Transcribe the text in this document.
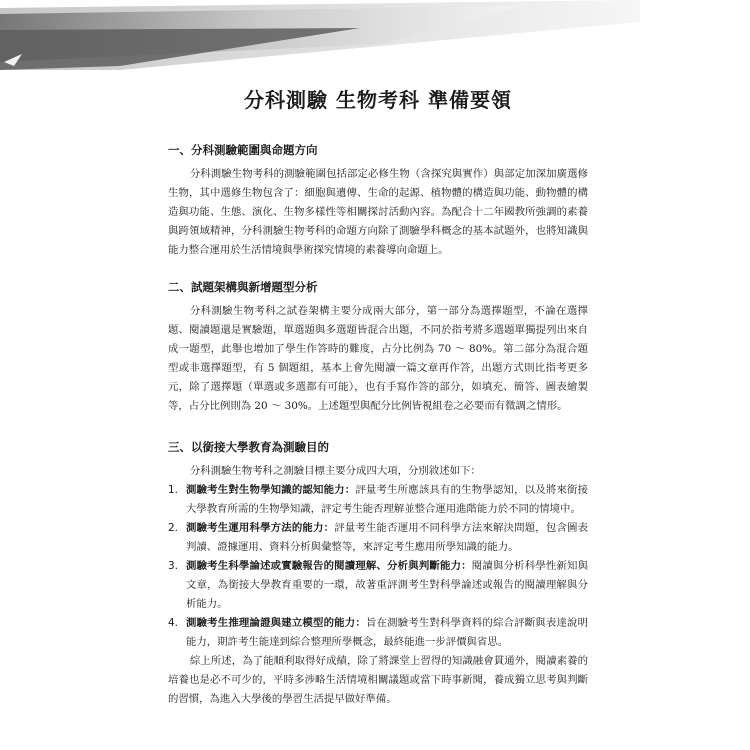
分科測驗 生物考科 準備要領
一、分科測驗範圍與命題方向

分科測驗生物考科的測驗範圍包括部定必修生物（含探究與實作）與部定加深加廣選修生物，其中選修生物包含了：細胞與遺傳、生命的起源、植物體的構造與功能、動物體的構造與功能、生態、演化、生物多樣性等相關探討活動內容。為配合十二年國教所強調的素養與跨領域精神，分科測驗生物考科的命題方向除了測驗學科概念的基本試題外，也將知識與能力整合運用於生活情境與學術探究情境的素養導向命題上。

二、試題架構與新增題型分析

分科測驗生物考科之試卷架構主要分成兩大部分，第一部分為選擇題型，不論在選擇題、閱讀題還是實驗題，單選題與多選題皆混合出題，不同於指考將多選題單獨提列出來自成一題型，此舉也增加了學生作答時的難度，占分比例為 70 ～ 80%。第二部分為混合題型或非選擇題型，有 5 個題組，基本上會先閱讀一篇文章再作答，出題方式則比指考更多元，除了選擇題（單選或多選都有可能），也有手寫作答的部分，如填充、簡答、圖表繪製等，占分比例則為 20 ～ 30%。上述題型與配分比例皆視組卷之必要而有微調之情形。

三、以銜接大學教育為測驗目的

分科測驗生物考科之測驗目標主要分成四大項，分別敘述如下：

1. 測驗考生對生物學知識的認知能力：評量考生所應該具有的生物學認知，以及將來銜接大學教育所需的生物學知識，評定考生能否理解並整合運用進階能力於不同的情境中。
2. 測驗考生運用科學方法的能力：評量考生能否運用不同科學方法來解決問題，包含圖表判讀、證據運用、資料分析與彙整等，來評定考生應用所學知識的能力。
3. 測驗考生科學論述或實驗報告的閱讀理解、分析與判斷能力：閱讀與分析科學性新知與文章，為銜接大學教育重要的一環，故著重評測考生對科學論述或報告的閱讀理解與分析能力。
4. 測驗考生推理論證與建立模型的能力：旨在測驗考生對科學資料的綜合評斷與表達說明能力，期許考生能達到綜合整理所學概念，最終能進一步評價與省思。

綜上所述，為了能順利取得好成績，除了將課堂上習得的知識融會貫通外，閱讀素養的培養也是必不可少的，平時多涉略生活情境相關議題或當下時事新聞，養成獨立思考與判斷的習慣，為進入大學後的學習生活提早做好準備。
